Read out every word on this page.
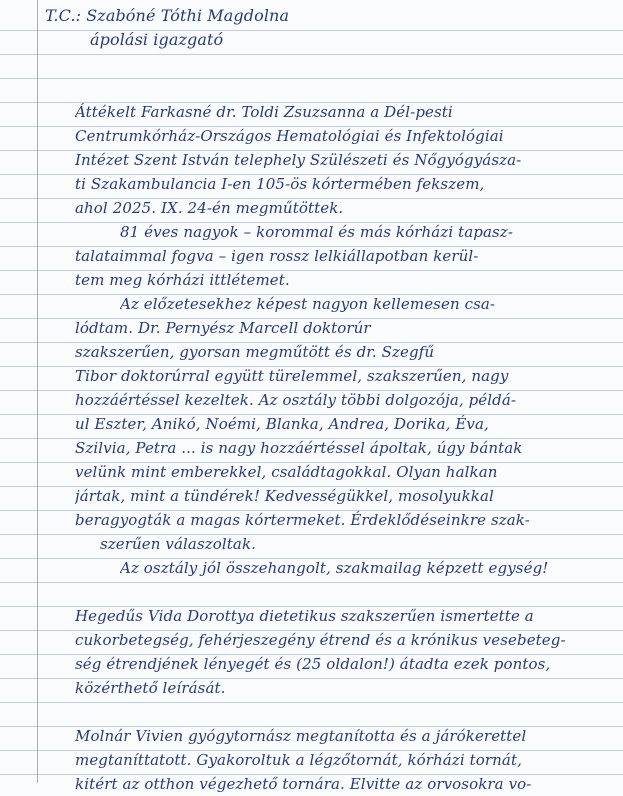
T.C.: Szabóné Tóthi Magdolna
ápolási igazgató
Áttékelt Farkasné dr. Toldi Zsuzsanna a Dél-pesti
Centrumkórház-Országos Hematológiai és Infektológiai
Intézet Szent István telephely Szülészeti és Nőgyógyásza-
ti Szakambulancia I-en 105-ös kórtermében fekszem,
ahol 2025. IX. 24-én megműtöttek.
81 éves nagyok – korommal és más kórházi tapasz-
talataimmal fogva – igen rossz lelkiállapotban kerül-
tem meg kórházi ittlétemet.
Az előzetesekhez képest nagyon kellemesen csa-
lódtam. Dr. Pernyész Marcell doktorúr
szakszerűen, gyorsan megműtött és dr. Szegfű
Tibor doktorúrral együtt türelemmel, szakszerűen, nagy
hozzáértéssel kezeltek. Az osztály többi dolgozója, példá-
ul Eszter, Anikó, Noémi, Blanka, Andrea, Dorika, Éva,
Szilvia, Petra ... is nagy hozzáértéssel ápoltak, úgy bántak
velünk mint emberekkel, családtagokkal. Olyan halkan
jártak, mint a tündérek! Kedvességükkel, mosolyukkal
beragyogták a magas kórtermeket. Érdeklődéseinkre szak-
szerűen válaszoltak.
Az osztály jól összehangolt, szakmailag képzett egység!
Hegedűs Vida Dorottya dietetikus szakszerűen ismertette a
cukorbetegség, fehérjeszegény étrend és a krónikus vesebeteg-
ség étrendjének lényegét és (25 oldalon!) átadta ezek pontos,
közérthető leírását.
Molnár Vivien gyógytornász megtanította és a járókerettel
megtaníttatott. Gyakoroltuk a légzőtornát, kórházi tornát,
kitért az otthon végezhető tornára. Elvitte az orvosokra vo-
